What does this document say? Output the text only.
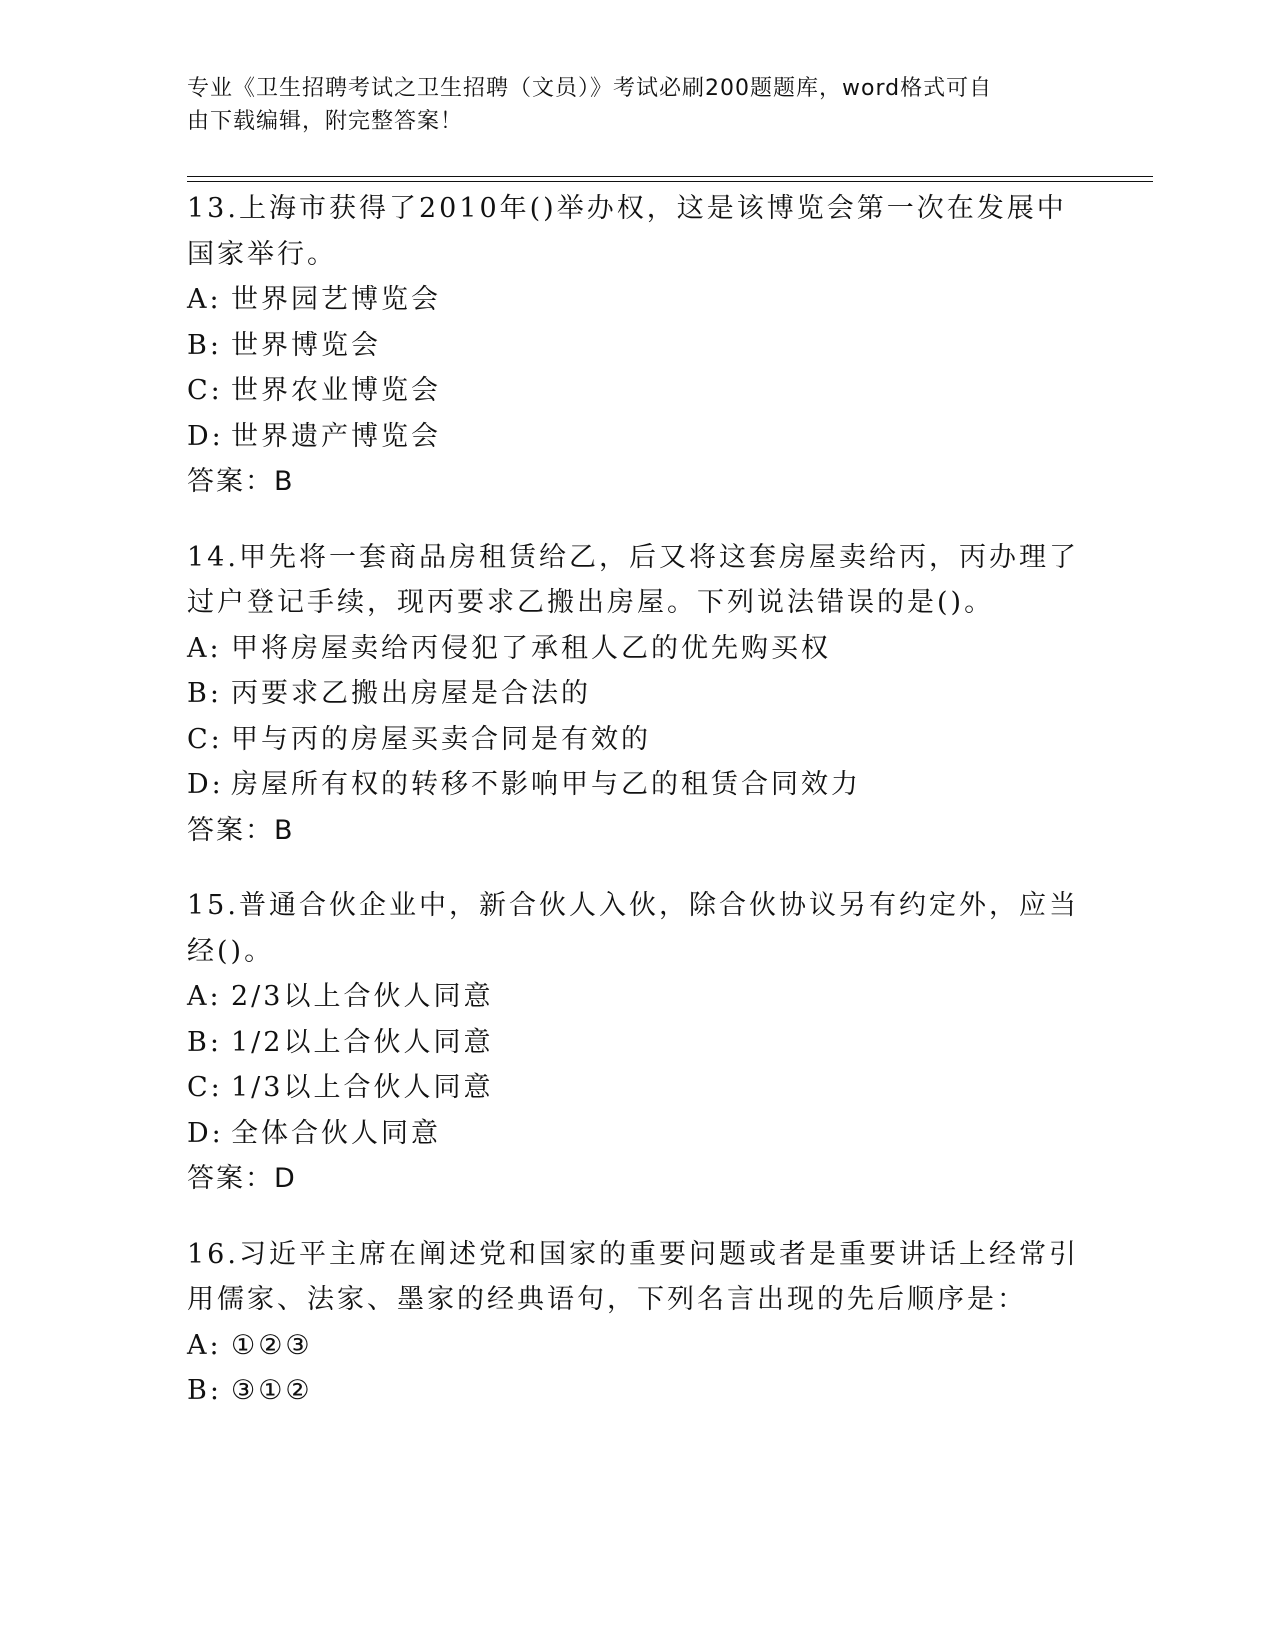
专业《卫生招聘考试之卫生招聘（文员）》考试必刷200题题库，word格式可自
由下载编辑，附完整答案！

13.上海市获得了2010年()举办权，这是该博览会第一次在发展中国家举行。

A: 世界园艺博览会

B: 世界博览会

C: 世界农业博览会

D: 世界遗产博览会

答案：B

14.甲先将一套商品房租赁给乙，后又将这套房屋卖给丙，丙办理了过户登记手续，现丙要求乙搬出房屋。下列说法错误的是()。

A: 甲将房屋卖给丙侵犯了承租人乙的优先购买权

B: 丙要求乙搬出房屋是合法的

C: 甲与丙的房屋买卖合同是有效的

D: 房屋所有权的转移不影响甲与乙的租赁合同效力

答案：B

15.普通合伙企业中，新合伙人入伙，除合伙协议另有约定外，应当经()。

A: 2/3以上合伙人同意

B: 1/2以上合伙人同意

C: 1/3以上合伙人同意

D: 全体合伙人同意

答案：D

16.习近平主席在阐述党和国家的重要问题或者是重要讲话上经常引用儒家、法家、墨家的经典语句，下列名言出现的先后顺序是：

A: ①②③

B: ③①②
